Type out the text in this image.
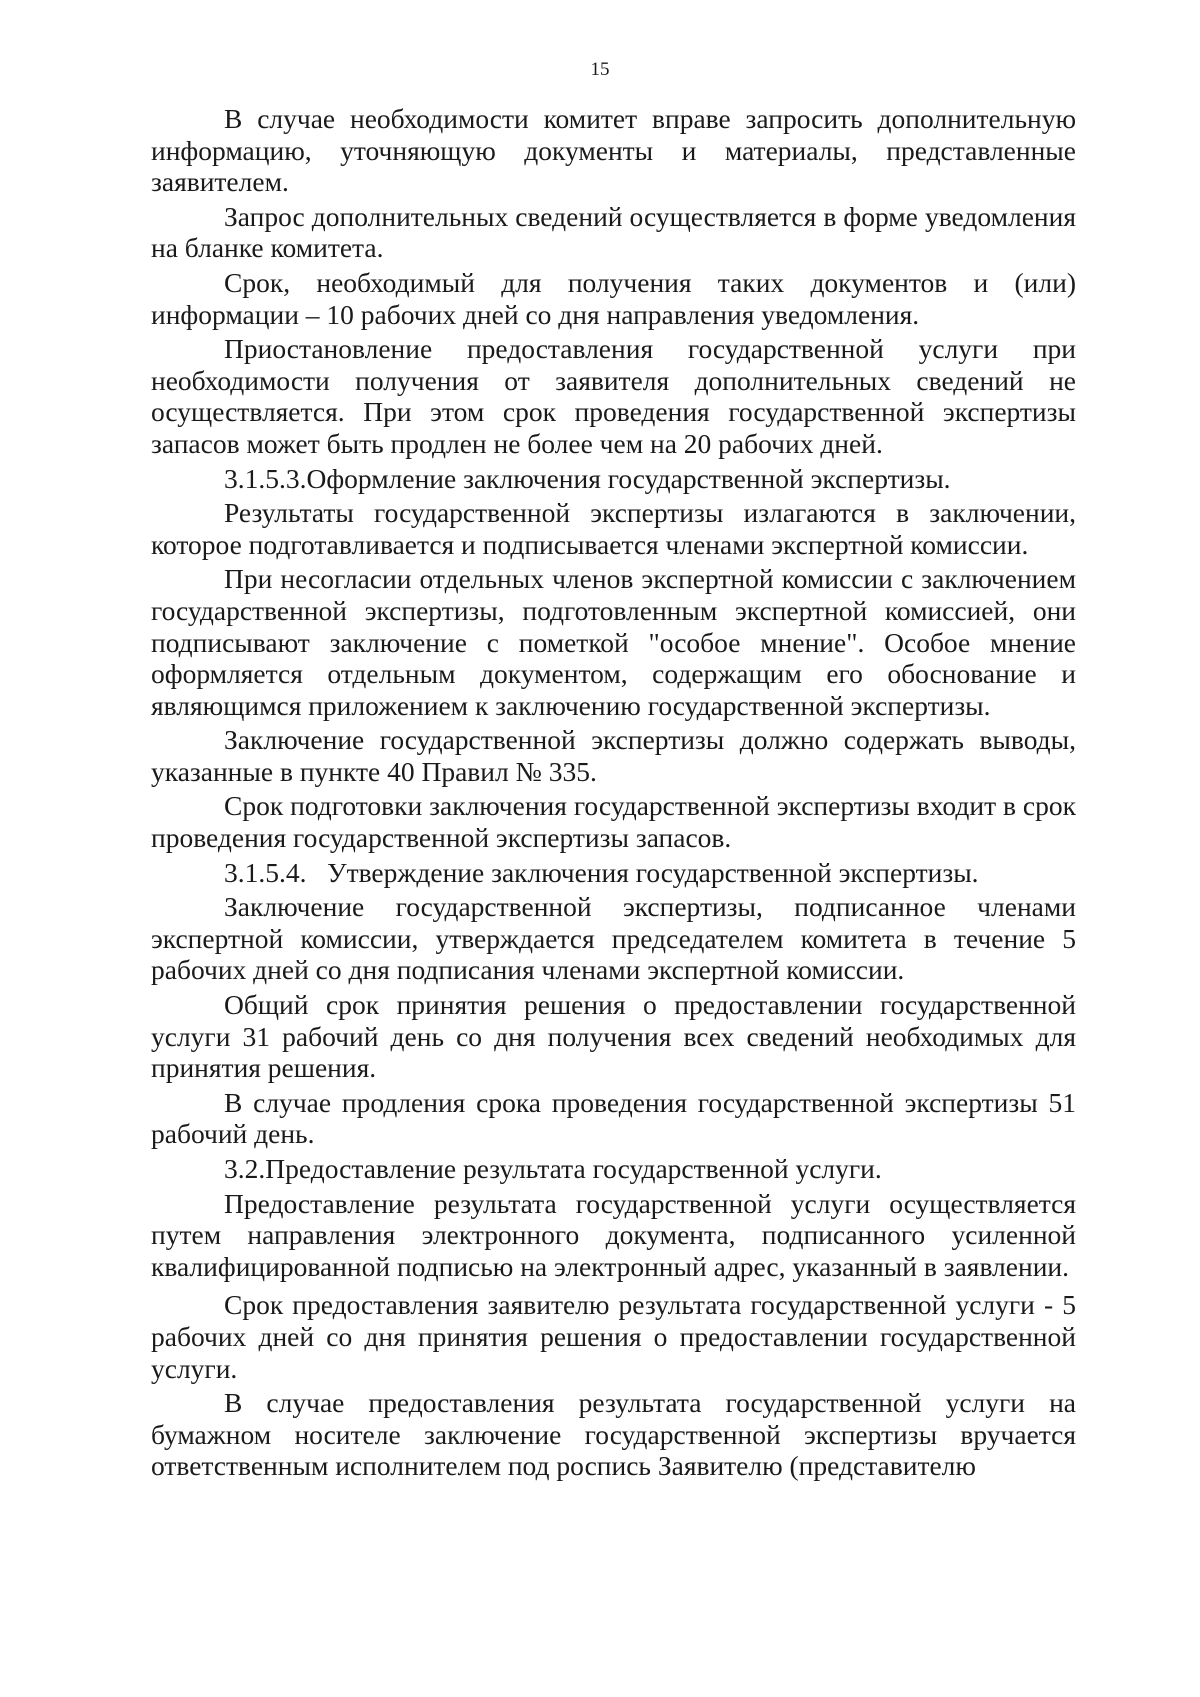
15

В случае необходимости комитет вправе запросить дополнительную информацию, уточняющую документы и материалы, представленные заявителем.

Запрос дополнительных сведений осуществляется в форме уведомления на бланке комитета.

Срок, необходимый для получения таких документов и (или) информации – 10 рабочих дней со дня направления уведомления.

Приостановление предоставления государственной услуги при необходимости получения от заявителя дополнительных сведений не осуществляется. При этом срок проведения государственной экспертизы запасов может быть продлен не более чем на 20 рабочих дней.

3.1.5.3.Оформление заключения государственной экспертизы.

Результаты государственной экспертизы излагаются в заключении, которое подготавливается и подписывается членами экспертной комиссии.

При несогласии отдельных членов экспертной комиссии с заключением государственной экспертизы, подготовленным экспертной комиссией, они подписывают заключение с пометкой "особое мнение". Особое мнение оформляется отдельным документом, содержащим его обоснование и являющимся приложением к заключению государственной экспертизы.

Заключение государственной экспертизы должно содержать выводы, указанные в пункте 40 Правил № 335.

Срок подготовки заключения государственной экспертизы входит в срок проведения государственной экспертизы запасов.

3.1.5.4.   Утверждение заключения государственной экспертизы.

Заключение государственной экспертизы, подписанное членами экспертной комиссии, утверждается председателем комитета в течение 5 рабочих дней со дня подписания членами экспертной комиссии.

Общий срок принятия решения о предоставлении государственной услуги 31 рабочий день со дня получения всех сведений необходимых для принятия решения.

В случае продления срока проведения государственной экспертизы 51 рабочий день.

3.2.Предоставление результата государственной услуги.

Предоставление результата государственной услуги осуществляется путем направления электронного документа, подписанного усиленной квалифицированной подписью на электронный адрес, указанный в заявлении.

Срок предоставления заявителю результата государственной услуги - 5 рабочих дней со дня принятия решения о предоставлении государственной услуги.

В случае предоставления результата государственной услуги на бумажном носителе заключение государственной экспертизы вручается ответственным исполнителем под роспись Заявителю (представителю
